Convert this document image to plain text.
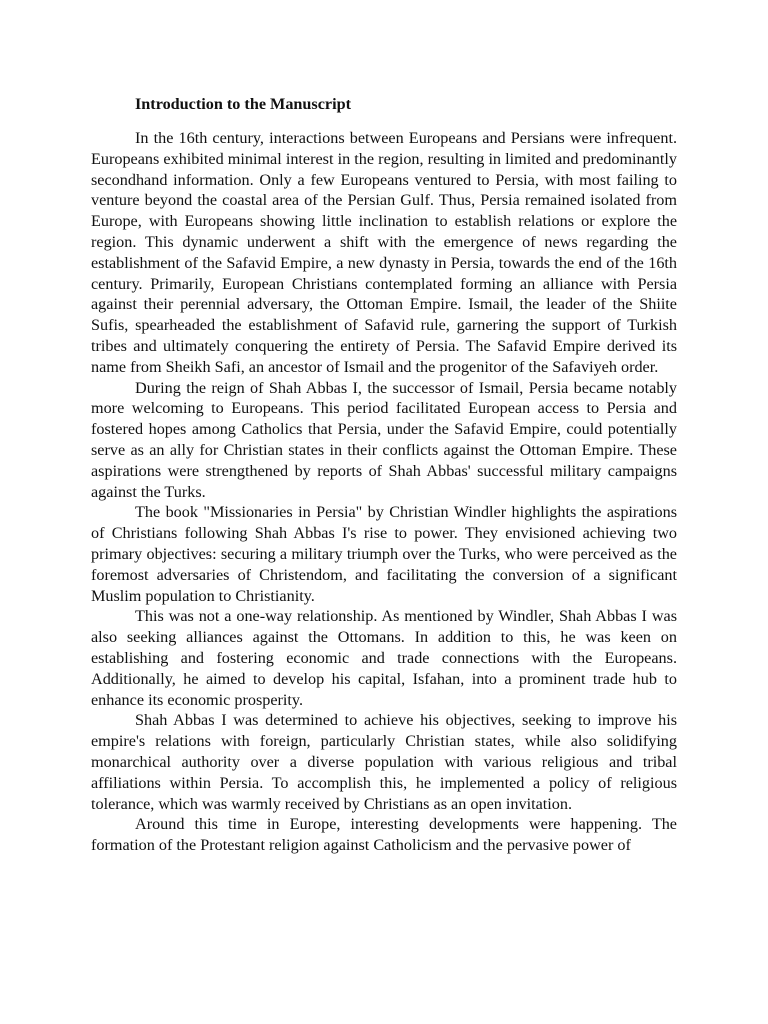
Introduction to the Manuscript

In the 16th century, interactions between Europeans and Persians were infrequent. Europeans exhibited minimal interest in the region, resulting in limited and predominantly secondhand information. Only a few Europeans ventured to Persia, with most failing to venture beyond the coastal area of the Persian Gulf. Thus, Persia remained isolated from Europe, with Europeans showing little inclination to establish relations or explore the region. This dynamic underwent a shift with the emergence of news regarding the establishment of the Safavid Empire, a new dynasty in Persia, towards the end of the 16th century. Primarily, European Christians contemplated forming an alliance with Persia against their perennial adversary, the Ottoman Empire. Ismail, the leader of the Shiite Sufis, spearheaded the establishment of Safavid rule, garnering the support of Turkish tribes and ultimately conquering the entirety of Persia. The Safavid Empire derived its name from Sheikh Safi, an ancestor of Ismail and the progenitor of the Safaviyeh order.

During the reign of Shah Abbas I, the successor of Ismail, Persia became notably more welcoming to Europeans. This period facilitated European access to Persia and fostered hopes among Catholics that Persia, under the Safavid Empire, could potentially serve as an ally for Christian states in their conflicts against the Ottoman Empire. These aspirations were strengthened by reports of Shah Abbas' successful military campaigns against the Turks.

The book "Missionaries in Persia" by Christian Windler highlights the aspirations of Christians following Shah Abbas I's rise to power. They envisioned achieving two primary objectives: securing a military triumph over the Turks, who were perceived as the foremost adversaries of Christendom, and facilitating the conversion of a significant Muslim population to Christianity.

This was not a one-way relationship. As mentioned by Windler, Shah Abbas I was also seeking alliances against the Ottomans. In addition to this, he was keen on establishing and fostering economic and trade connections with the Europeans. Additionally, he aimed to develop his capital, Isfahan, into a prominent trade hub to enhance its economic prosperity.

Shah Abbas I was determined to achieve his objectives, seeking to improve his empire's relations with foreign, particularly Christian states, while also solidifying monarchical authority over a diverse population with various religious and tribal affiliations within Persia. To accomplish this, he implemented a policy of religious tolerance, which was warmly received by Christians as an open invitation.

Around this time in Europe, interesting developments were happening. The formation of the Protestant religion against Catholicism and the pervasive power of
